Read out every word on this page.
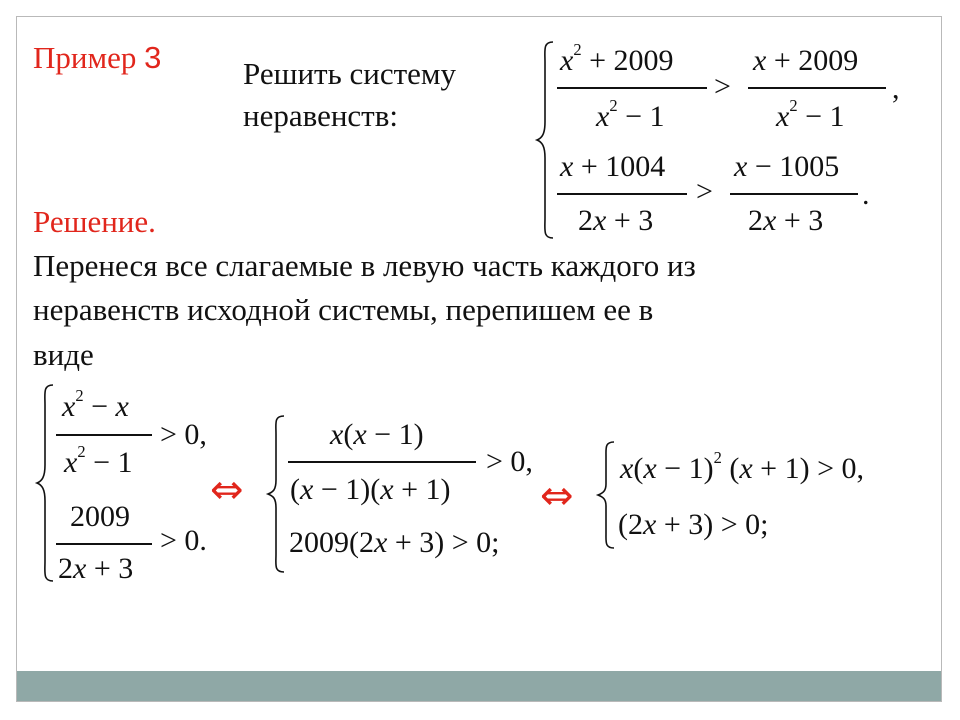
Пример 3	Решить систему
неравенств:
Решение.
Перенеся все слагаемые в левую часть каждого из
неравенств исходной системы, перепишем ее в
виде
$x^2 + 2009$
$x^2 - 1$
>
x + 2009
$x^2 - 1$
,
x + 1004
2x + 3
>
x − 1005
2x + 3
.
$x^2 - x$
$x^2 - 1$
> 0,
2009
2x + 3
> 0.
⇔
x(x − 1)
(x − 1)(x + 1)
> 0,
2009(2x + 3) > 0;
⇔
$x(x - 1)^2$ (x + 1) > 0,
(2x + 3) > 0;
